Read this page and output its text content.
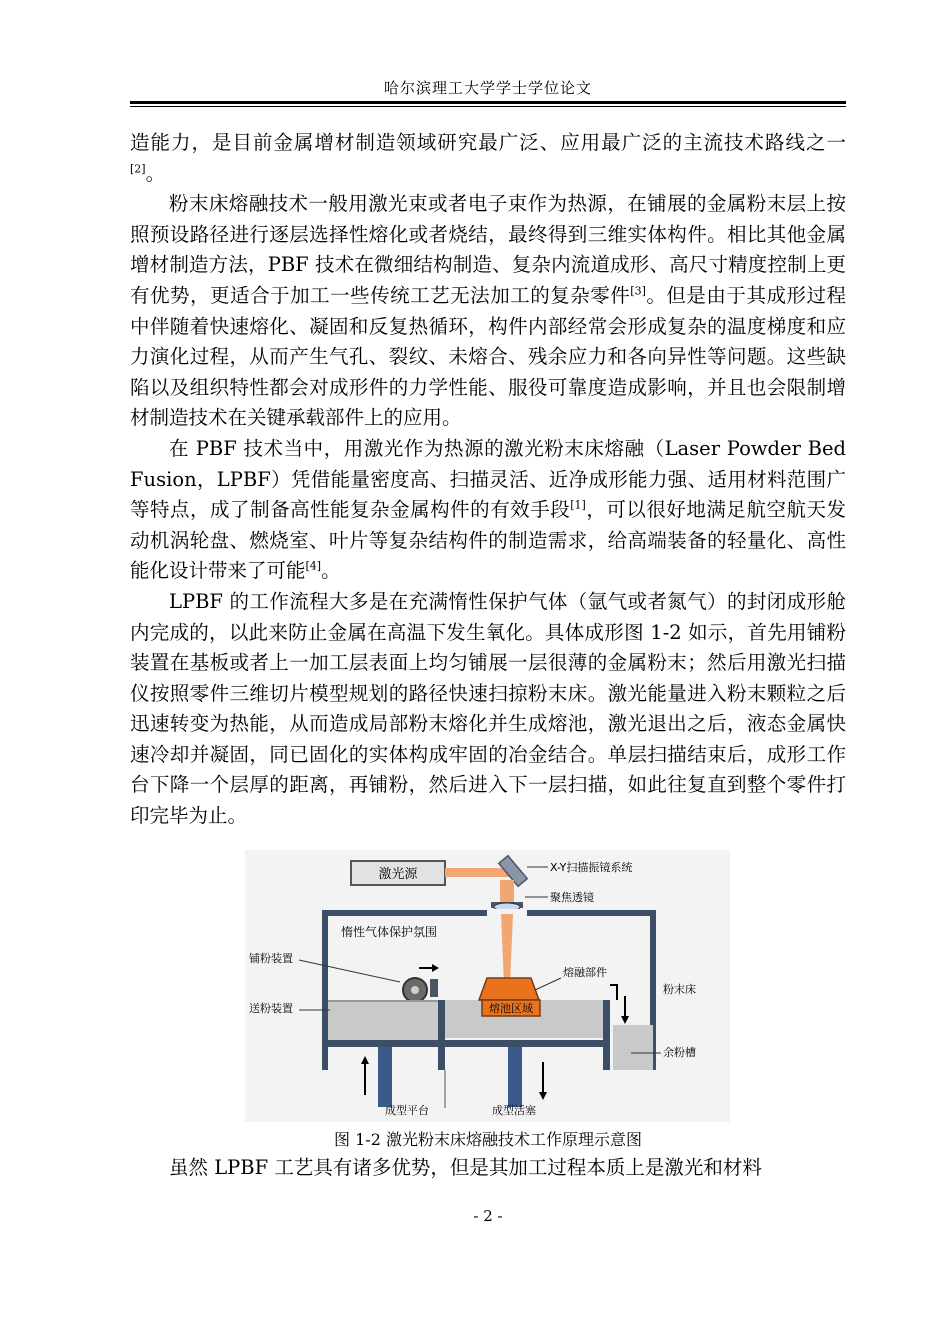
哈尔滨理工大学学士学位论文

造能力，是目前金属增材制造领域研究最广泛、应用最广泛的主流技术路线之一[2]。

粉末床熔融技术一般用激光束或者电子束作为热源，在铺展的金属粉末层上按照预设路径进行逐层选择性熔化或者烧结，最终得到三维实体构件。相比其他金属增材制造方法，PBF 技术在微细结构制造、复杂内流道成形、高尺寸精度控制上更有优势，更适合于加工一些传统工艺无法加工的复杂零件[3]。但是由于其成形过程中伴随着快速熔化、凝固和反复热循环，构件内部经常会形成复杂的温度梯度和应力演化过程，从而产生气孔、裂纹、未熔合、残余应力和各向异性等问题。这些缺陷以及组织特性都会对成形件的力学性能、服役可靠度造成影响，并且也会限制增材制造技术在关键承载部件上的应用。

在 PBF 技术当中，用激光作为热源的激光粉末床熔融（Laser Powder Bed Fusion，LPBF）凭借能量密度高、扫描灵活、近净成形能力强、适用材料范围广等特点，成了制备高性能复杂金属构件的有效手段[1]，可以很好地满足航空航天发动机涡轮盘、燃烧室、叶片等复杂结构件的制造需求，给高端装备的轻量化、高性能化设计带来了可能[4]。

LPBF 的工作流程大多是在充满惰性保护气体（氩气或者氮气）的封闭成形舱内完成的，以此来防止金属在高温下发生氧化。具体成形图 1-2 如示，首先用铺粉装置在基板或者上一加工层表面上均匀铺展一层很薄的金属粉末；然后用激光扫描仪按照零件三维切片模型规划的路径快速扫掠粉末床。激光能量进入粉末颗粒之后迅速转变为热能，从而造成局部粉末熔化并生成熔池，激光退出之后，液态金属快速冷却并凝固，同已固化的实体构成牢固的冶金结合。单层扫描结束后，成形工作台下降一个层厚的距离，再铺粉，然后进入下一层扫描，如此往复直到整个零件打印完毕为止。

激光源	X-Y扫描振镜系统
聚焦透镜
惰性气体保护氛围
铺粉装置
送粉装置	熔池区域
熔融部件
粉末床
余粉槽
成型平台	成型活塞
图 1-2 激光粉末床熔融技术工作原理示意图
虽然 LPBF 工艺具有诸多优势，但是其加工过程本质上是激光和材料
- 2 -
